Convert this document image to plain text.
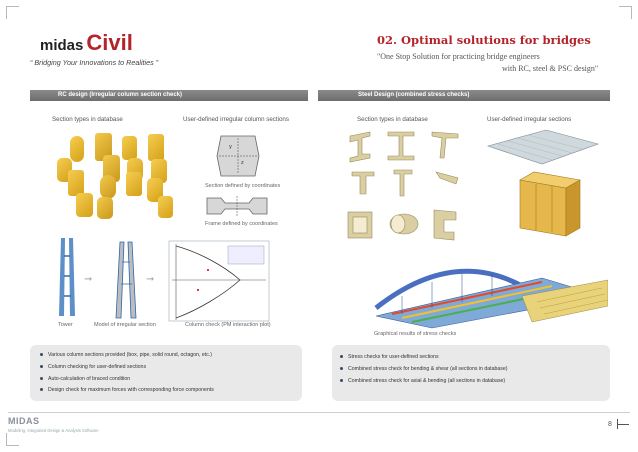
midas Civil
“ Bridging Your Innovations to Realities ”
02. Optimal solutions for bridges
"One Stop Solution for practicing bridge engineers
with RC, steel & PSC design"
RC design (Irregular column section check)	Steel Design (combined stress checks)
Section types in database	User-defined irregular column sections
y
z
Section defined by coordinates
Frame defined by coordinates
➞	➞
Tower	Model of irregular section	Column check (PM interaction plot)
Various column sections provided (box, pipe, solid round, octagon, etc.)
Column checking for user-defined sections
Auto-calculation of braced condition
Design check for maximum forces with corresponding force components
Section types in database	User-defined irregular sections
Graphical results of stress checks
Stress checks for user-defined sections
Combined stress check for bending & shear (all sections in database)
Combined stress check for axial & bending (all sections in database)
MIDAS
Modeling, Integrated Design & Analysis Software
8
